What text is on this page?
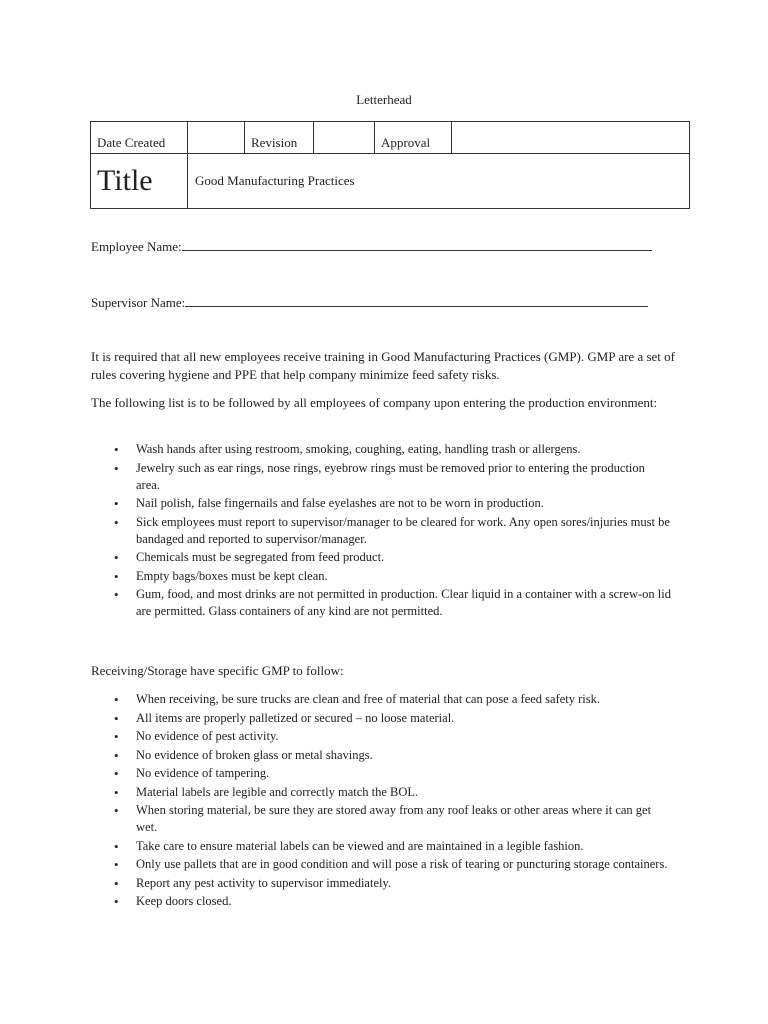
Letterhead
Date Created	Revision	Approval
Title	Good Manufacturing Practices
Employee Name:
Supervisor Name:

It is required that all new employees receive training in Good Manufacturing Practices (GMP). GMP are a set of rules covering hygiene and PPE that help company minimize feed safety risks.

The following list is to be followed by all employees of company upon entering the production environment:

• Wash hands after using restroom, smoking, coughing, eating, handling trash or allergens.
• Jewelry such as ear rings, nose rings, eyebrow rings must be removed prior to entering the production area.
• Nail polish, false fingernails and false eyelashes are not to be worn in production.
• Sick employees must report to supervisor/manager to be cleared for work. Any open sores/injuries must be bandaged and reported to supervisor/manager.
• Chemicals must be segregated from feed product.
• Empty bags/boxes must be kept clean.
• Gum, food, and most drinks are not permitted in production. Clear liquid in a container with a screw-on lid are permitted. Glass containers of any kind are not permitted.

Receiving/Storage have specific GMP to follow:

• When receiving, be sure trucks are clean and free of material that can pose a feed safety risk.
• All items are properly palletized or secured – no loose material.
• No evidence of pest activity.
• No evidence of broken glass or metal shavings.
• No evidence of tampering.
• Material labels are legible and correctly match the BOL.
• When storing material, be sure they are stored away from any roof leaks or other areas where it can get wet.
• Take care to ensure material labels can be viewed and are maintained in a legible fashion.
• Only use pallets that are in good condition and will pose a risk of tearing or puncturing storage containers.
• Report any pest activity to supervisor immediately.
• Keep doors closed.
